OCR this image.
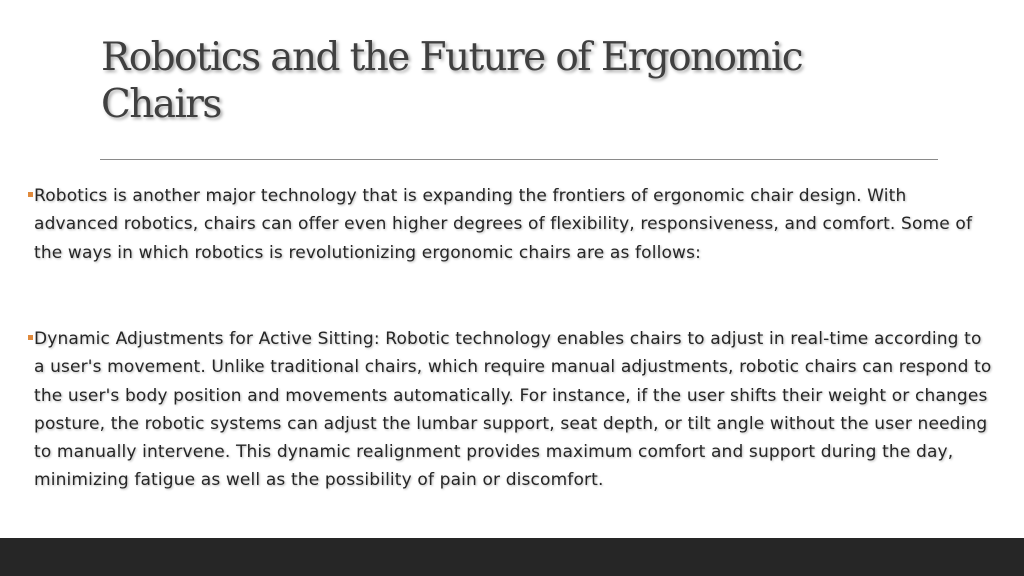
Robotics and the Future of Ergonomic Chairs

Robotics is another major technology that is expanding the frontiers of ergonomic chair design. With advanced robotics, chairs can offer even higher degrees of flexibility, responsiveness, and comfort. Some of the ways in which robotics is revolutionizing ergonomic chairs are as follows:

Dynamic Adjustments for Active Sitting: Robotic technology enables chairs to adjust in real-time according to a user's movement. Unlike traditional chairs, which require manual adjustments, robotic chairs can respond to the user's body position and movements automatically. For instance, if the user shifts their weight or changes posture, the robotic systems can adjust the lumbar support, seat depth, or tilt angle without the user needing to manually intervene. This dynamic realignment provides maximum comfort and support during the day, minimizing fatigue as well as the possibility of pain or discomfort.
